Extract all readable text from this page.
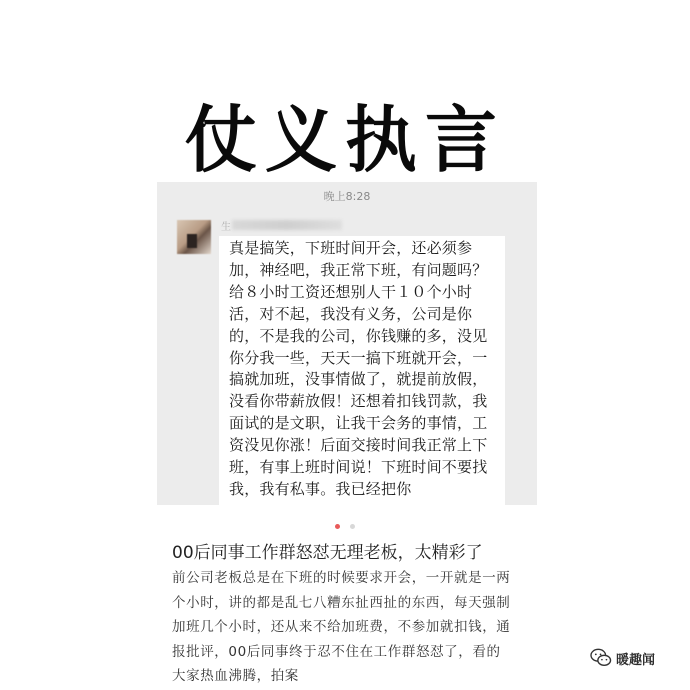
仗义执言
晚上8:28
生
真是搞笑，下班时间开会，还必须参加，神经吧，我正常下班，有问题吗？给８小时工资还想别人干１０个小时活，对不起，我没有义务，公司是你的，不是我的公司，你钱赚的多，没见你分我一些，天天一搞下班就开会，一搞就加班，没事情做了，就提前放假，没看你带薪放假！还想着扣钱罚款，我面试的是文职，让我干会务的事情，工资没见你涨！后面交接时间我正常上下班，有事上班时间说！下班时间不要找我，我有私事。我已经把你

00后同事工作群怒怼无理老板，太精彩了
前公司老板总是在下班的时候要求开会，一开就是一两个小时，讲的都是乱七八糟东扯西扯的东西，每天强制加班几个小时，还从来不给加班费，不参加就扣钱，通报批评，00后同事终于忍不住在工作群怒怼了，看的大家热血沸腾，拍案
暖趣闻
